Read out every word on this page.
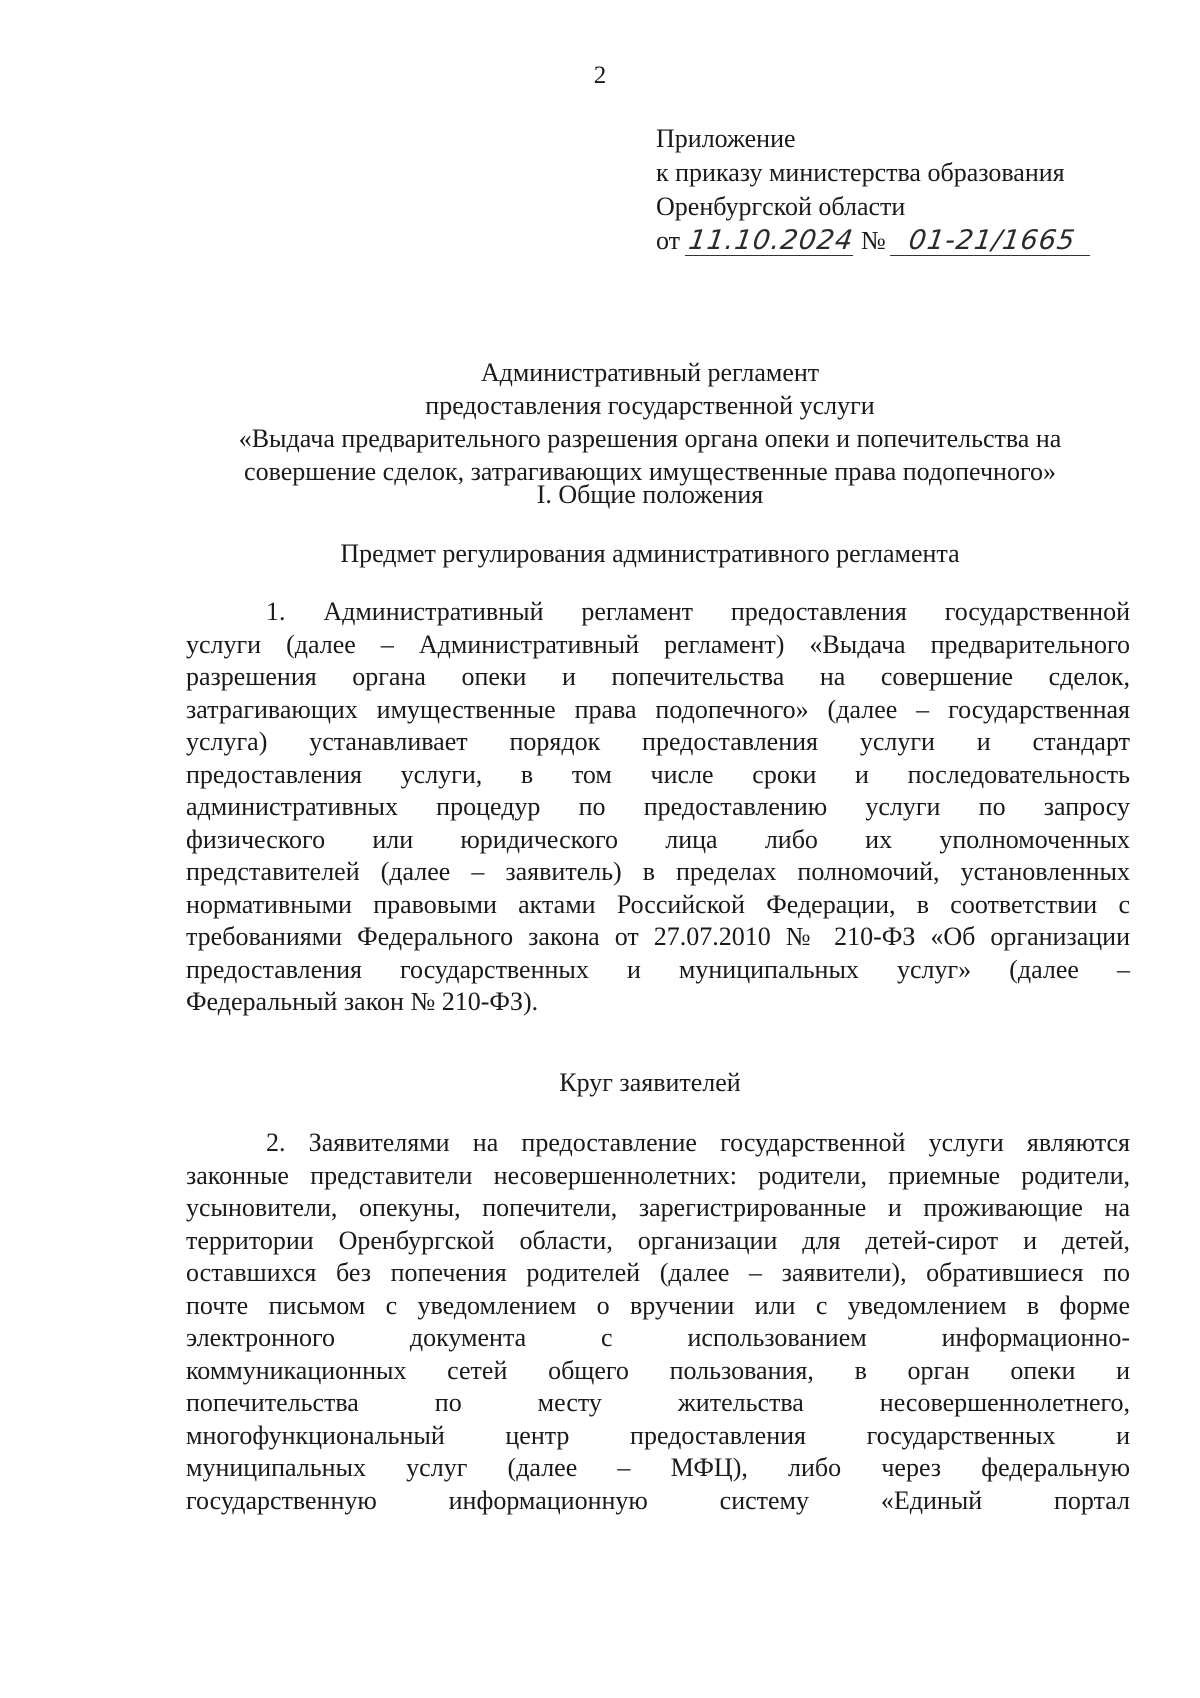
2
Приложение
к приказу министерства образования
Оренбургской области
от 11.10.2024 № 01-21/1665
Административный регламент
предоставления государственной услуги
«Выдача предварительного разрешения органа опеки и попечительства на
совершение сделок, затрагивающих имущественные права подопечного»
I. Общие положения
Предмет регулирования административного регламента
1. Административный регламент предоставления государственной
услуги (далее – Административный регламент) «Выдача предварительного
разрешения органа опеки и попечительства на совершение сделок,
затрагивающих имущественные права подопечного» (далее – государственная
услуга) устанавливает порядок предоставления услуги и стандарт
предоставления услуги, в том числе сроки и последовательность
административных процедур по предоставлению услуги по запросу
физического или юридического лица либо их уполномоченных
представителей (далее – заявитель) в пределах полномочий, установленных
нормативными правовыми актами Российской Федерации, в соответствии с
требованиями Федерального закона от 27.07.2010 № 210-ФЗ «Об организации
предоставления государственных и муниципальных услуг» (далее –
Федеральный закон № 210-ФЗ).
Круг заявителей
2. Заявителями на предоставление государственной услуги являются
законные представители несовершеннолетних: родители, приемные родители,
усыновители, опекуны, попечители, зарегистрированные и проживающие на
территории Оренбургской области, организации для детей-сирот и детей,
оставшихся без попечения родителей (далее – заявители), обратившиеся по
почте письмом с уведомлением о вручении или с уведомлением в форме
электронного документа с использованием информационно-
коммуникационных сетей общего пользования, в орган опеки и
попечительства по месту жительства несовершеннолетнего,
многофункциональный центр предоставления государственных и
муниципальных услуг (далее – МФЦ), либо через федеральную
государственную информационную систему «Единый портал
